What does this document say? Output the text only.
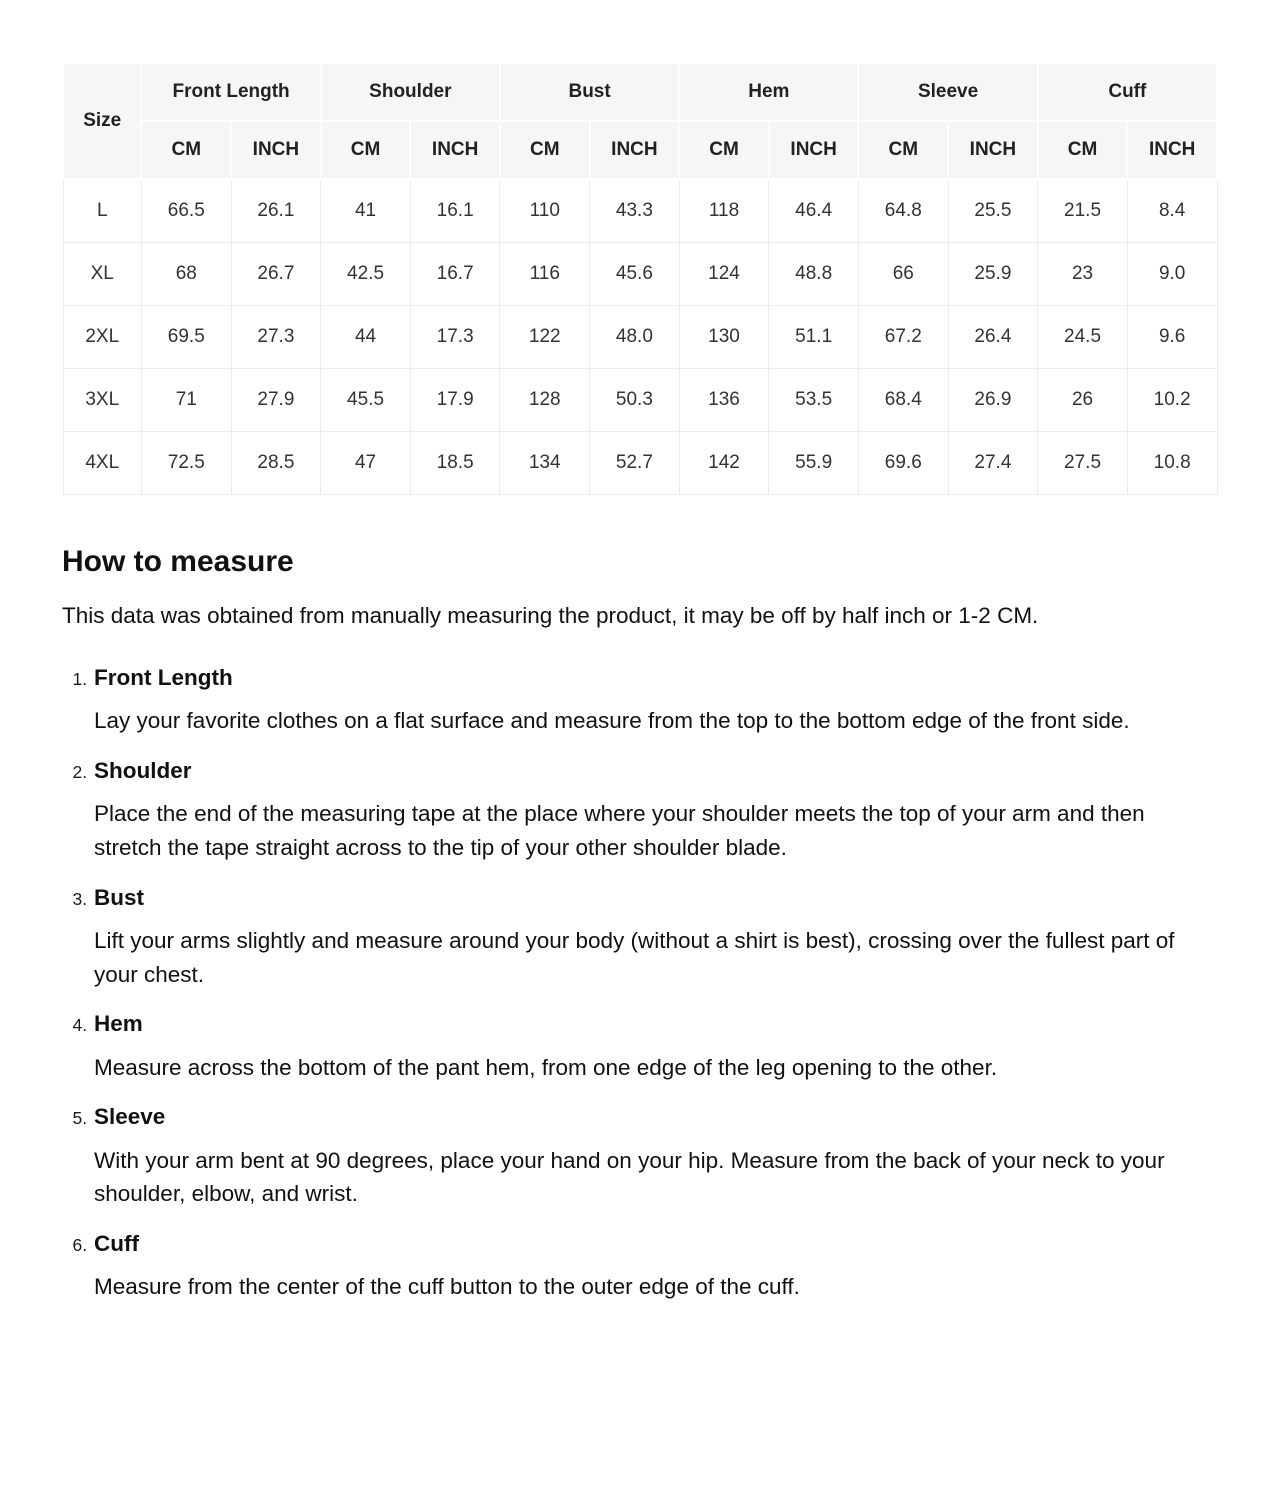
Size	Front Length		Shoulder		Bust		Hem		Sleeve		Cuff	
	CM	INCH	CM	INCH	CM	INCH	CM	INCH	CM	INCH	CM	INCH
L	66.5	26.1	41	16.1	110	43.3	118	46.4	64.8	25.5	21.5	8.4
XL	68	26.7	42.5	16.7	116	45.6	124	48.8	66	25.9	23	9.0
2XL	69.5	27.3	44	17.3	122	48.0	130	51.1	67.2	26.4	24.5	9.6
3XL	71	27.9	45.5	17.9	128	50.3	136	53.5	68.4	26.9	26	10.2
4XL	72.5	28.5	47	18.5	134	52.7	142	55.9	69.6	27.4	27.5	10.8
How to measure

This data was obtained from manually measuring the product, it may be off by half inch or 1-2 CM.

1. Front Length

Lay your favorite clothes on a flat surface and measure from the top to the bottom edge of the front side.

2. Shoulder

Place the end of the measuring tape at the place where your shoulder meets the top of your arm and then stretch the tape straight across to the tip of your other shoulder blade.

3. Bust

Lift your arms slightly and measure around your body (without a shirt is best), crossing over the fullest part of your chest.

4. Hem

Measure across the bottom of the pant hem, from one edge of the leg opening to the other.

5. Sleeve

With your arm bent at 90 degrees, place your hand on your hip. Measure from the back of your neck to your shoulder, elbow, and wrist.

6. Cuff

Measure from the center of the cuff button to the outer edge of the cuff.
